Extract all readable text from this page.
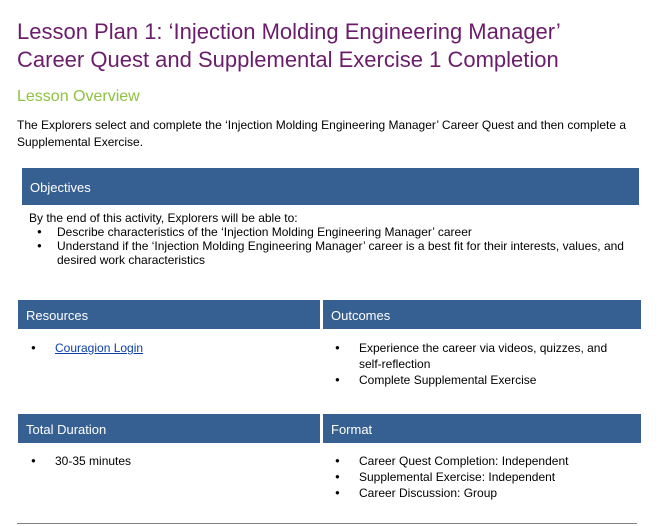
Lesson Plan 1: ‘Injection Molding Engineering Manager’
Career Quest and Supplemental Exercise 1 Completion
Lesson Overview

The Explorers select and complete the ‘Injection Molding Engineering Manager’ Career Quest and then complete a Supplemental Exercise.

Objectives

By the end of this activity, Explorers will be able to:

● Describe characteristics of the ‘Injection Molding Engineering Manager’ career
● Understand if the ‘Injection Molding Engineering Manager’ career is a best fit for their interests, values, and desired work characteristics
Resources	Outcomes
● Couragion Login	● Experience the career via videos, quizzes, and self-reflection
● Complete Supplemental Exercise
Total Duration	Format
● 30-35 minutes	● Career Quest Completion: Independent
● Supplemental Exercise: Independent
● Career Discussion: Group
